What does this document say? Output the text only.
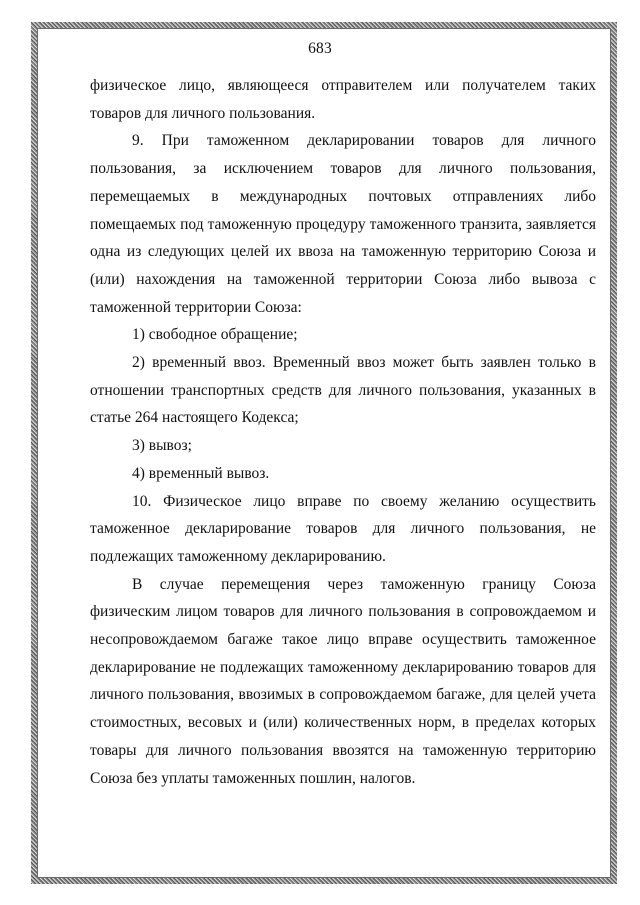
683

физическое лицо, являющееся отправителем или получателем таких товаров для личного пользования.

9. При таможенном декларировании товаров для личного пользования, за исключением товаров для личного пользования, перемещаемых в международных почтовых отправлениях либо помещаемых под таможенную процедуру таможенного транзита, заявляется одна из следующих целей их ввоза на таможенную территорию Союза и (или) нахождения на таможенной территории Союза либо вывоза с таможенной территории Союза:

1) свободное обращение;

2) временный ввоз. Временный ввоз может быть заявлен только в отношении транспортных средств для личного пользования, указанных в статье 264 настоящего Кодекса;

3) вывоз;

4) временный вывоз.

10. Физическое лицо вправе по своему желанию осуществить таможенное декларирование товаров для личного пользования, не подлежащих таможенному декларированию.

В случае перемещения через таможенную границу Союза физическим лицом товаров для личного пользования в сопровождаемом и несопровождаемом багаже такое лицо вправе осуществить таможенное декларирование не подлежащих таможенному декларированию товаров для личного пользования, ввозимых в сопровождаемом багаже, для целей учета стоимостных, весовых и (или) количественных норм, в пределах которых товары для личного пользования ввозятся на таможенную территорию Союза без уплаты таможенных пошлин, налогов.
